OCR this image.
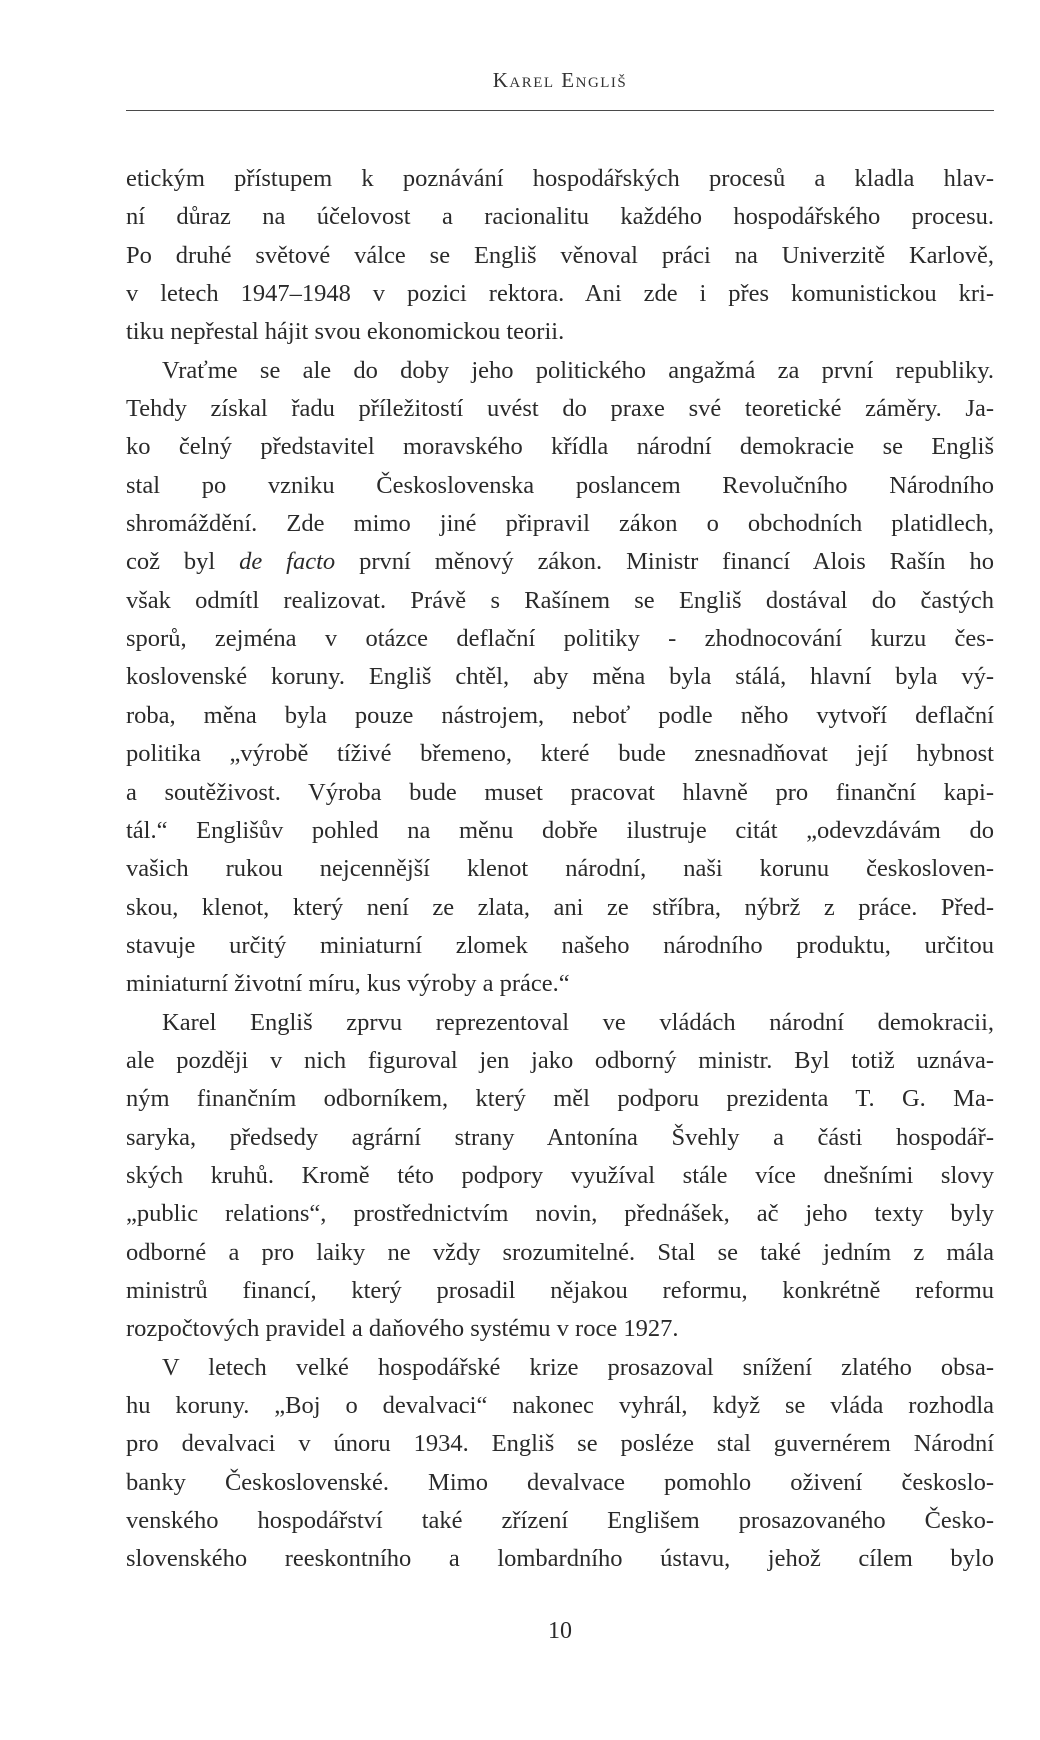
Karel Engliš
etickým přístupem k poznávání hospodářských procesů a kladla hlav-
ní důraz na účelovost a racionalitu každého hospodářského procesu.
Po druhé světové válce se Engliš věnoval práci na Univerzitě Karlově,
v letech 1947–1948 v pozici rektora. Ani zde i přes komunistickou kri-
tiku nepřestal hájit svou ekonomickou teorii.
Vraťme se ale do doby jeho politického angažmá za první republiky.
Tehdy získal řadu příležitostí uvést do praxe své teoretické záměry. Ja-
ko čelný představitel moravského křídla národní demokracie se Engliš
stal po vzniku Československa poslancem Revolučního Národního
shromáždění. Zde mimo jiné připravil zákon o obchodních platidlech,
což byl de facto první měnový zákon. Ministr financí Alois Rašín ho
však odmítl realizovat. Právě s Rašínem se Engliš dostával do častých
sporů, zejména v otázce deflační politiky - zhodnocování kurzu čes-
koslovenské koruny. Engliš chtěl, aby měna byla stálá, hlavní byla vý-
roba, měna byla pouze nástrojem, neboť podle něho vytvoří deflační
politika „výrobě tíživé břemeno, které bude znesnadňovat její hybnost
a soutěživost. Výroba bude muset pracovat hlavně pro finanční kapi-
tál.“ Englišův pohled na měnu dobře ilustruje citát „odevzdávám do
vašich rukou nejcennější klenot národní, naši korunu českosloven-
skou, klenot, který není ze zlata, ani ze stříbra, nýbrž z práce. Před-
stavuje určitý miniaturní zlomek našeho národního produktu, určitou
miniaturní životní míru, kus výroby a práce.“
Karel Engliš zprvu reprezentoval ve vládách národní demokracii,
ale později v nich figuroval jen jako odborný ministr. Byl totiž uznáva-
ným finančním odborníkem, který měl podporu prezidenta T. G. Ma-
saryka, předsedy agrární strany Antonína Švehly a části hospodář-
ských kruhů. Kromě této podpory využíval stále více dnešními slovy
„public relations“, prostřednictvím novin, přednášek, ač jeho texty byly
odborné a pro laiky ne vždy srozumitelné. Stal se také jedním z mála
ministrů financí, který prosadil nějakou reformu, konkrétně reformu
rozpočtových pravidel a daňového systému v roce 1927.
V letech velké hospodářské krize prosazoval snížení zlatého obsa-
hu koruny. „Boj o devalvaci“ nakonec vyhrál, když se vláda rozhodla
pro devalvaci v únoru 1934. Engliš se posléze stal guvernérem Národní
banky Československé. Mimo devalvace pomohlo oživení českoslo-
venského hospodářství také zřízení Englišem prosazovaného Česko-
slovenského reeskontního a lombardního ústavu, jehož cílem bylo
10
